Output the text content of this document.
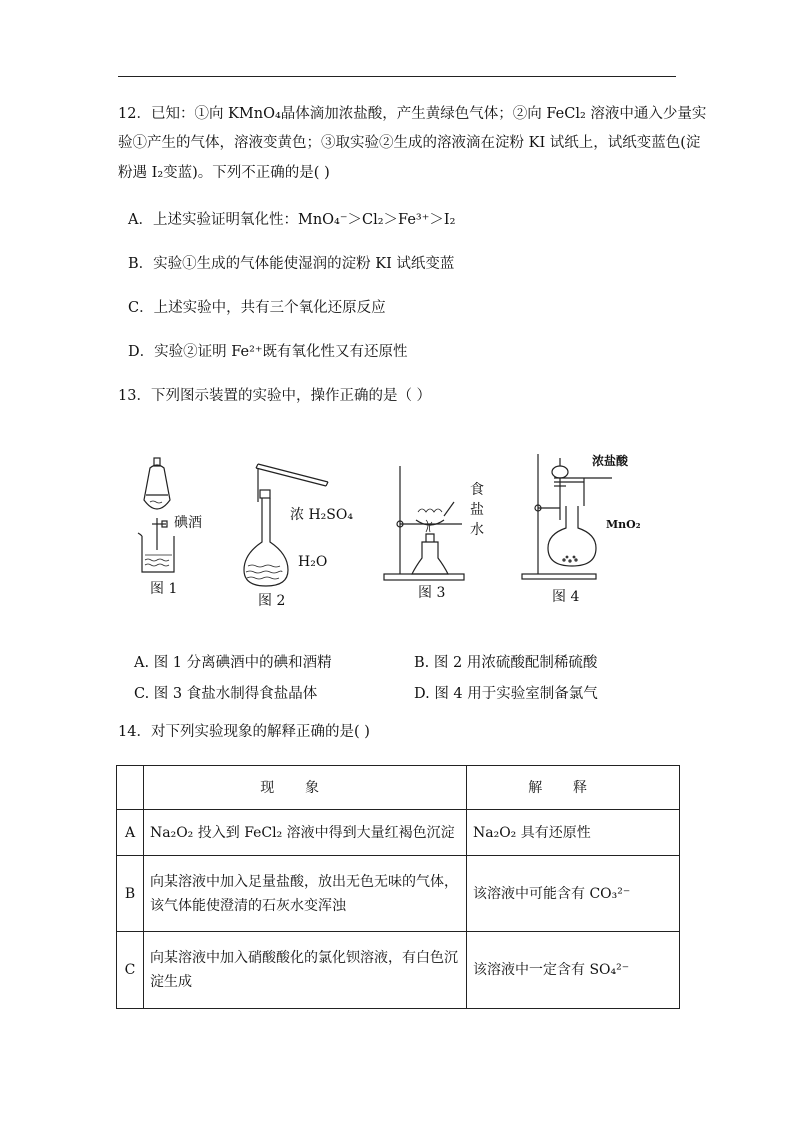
12．已知：①向 KMnO₄晶体滴加浓盐酸，产生黄绿色气体；②向 FeCl₂ 溶液中通入少量实
验①产生的气体，溶液变黄色；③取实验②生成的溶液滴在淀粉 KI 试纸上，试纸变蓝色(淀
粉遇 I₂变蓝)。下列不正确的是( )
A．上述实验证明氧化性：MnO₄⁻＞Cl₂＞Fe³⁺＞I₂
B．实验①生成的气体能使湿润的淀粉 KI 试纸变蓝
C．上述实验中，共有三个氧化还原反应
D．实验②证明 Fe²⁺既有氧化性又有还原性
13．下列图示装置的实验中，操作正确的是（ ）
碘酒
图 1
浓 H₂SO₄
H₂O
图 2
食盐水
图 3
浓盐酸
MnO₂
图 4
A. 图 1 分离碘酒中的碘和酒精	B. 图 2 用浓硫酸配制稀硫酸
C. 图 3 食盐水制得食盐晶体	D. 图 4 用于实验室制备氯气
14．对下列实验现象的解释正确的是( )
	现象	解释
A	Na₂O₂ 投入到 FeCl₂ 溶液中得到大量红褐色沉淀	Na₂O₂ 具有还原性
B	向某溶液中加入足量盐酸，放出无色无味的气体，该气体能使澄清的石灰水变浑浊	该溶液中可能含有 CO₃²⁻
C	向某溶液中加入硝酸酸化的氯化钡溶液，有白色沉淀生成	该溶液中一定含有 SO₄²⁻
